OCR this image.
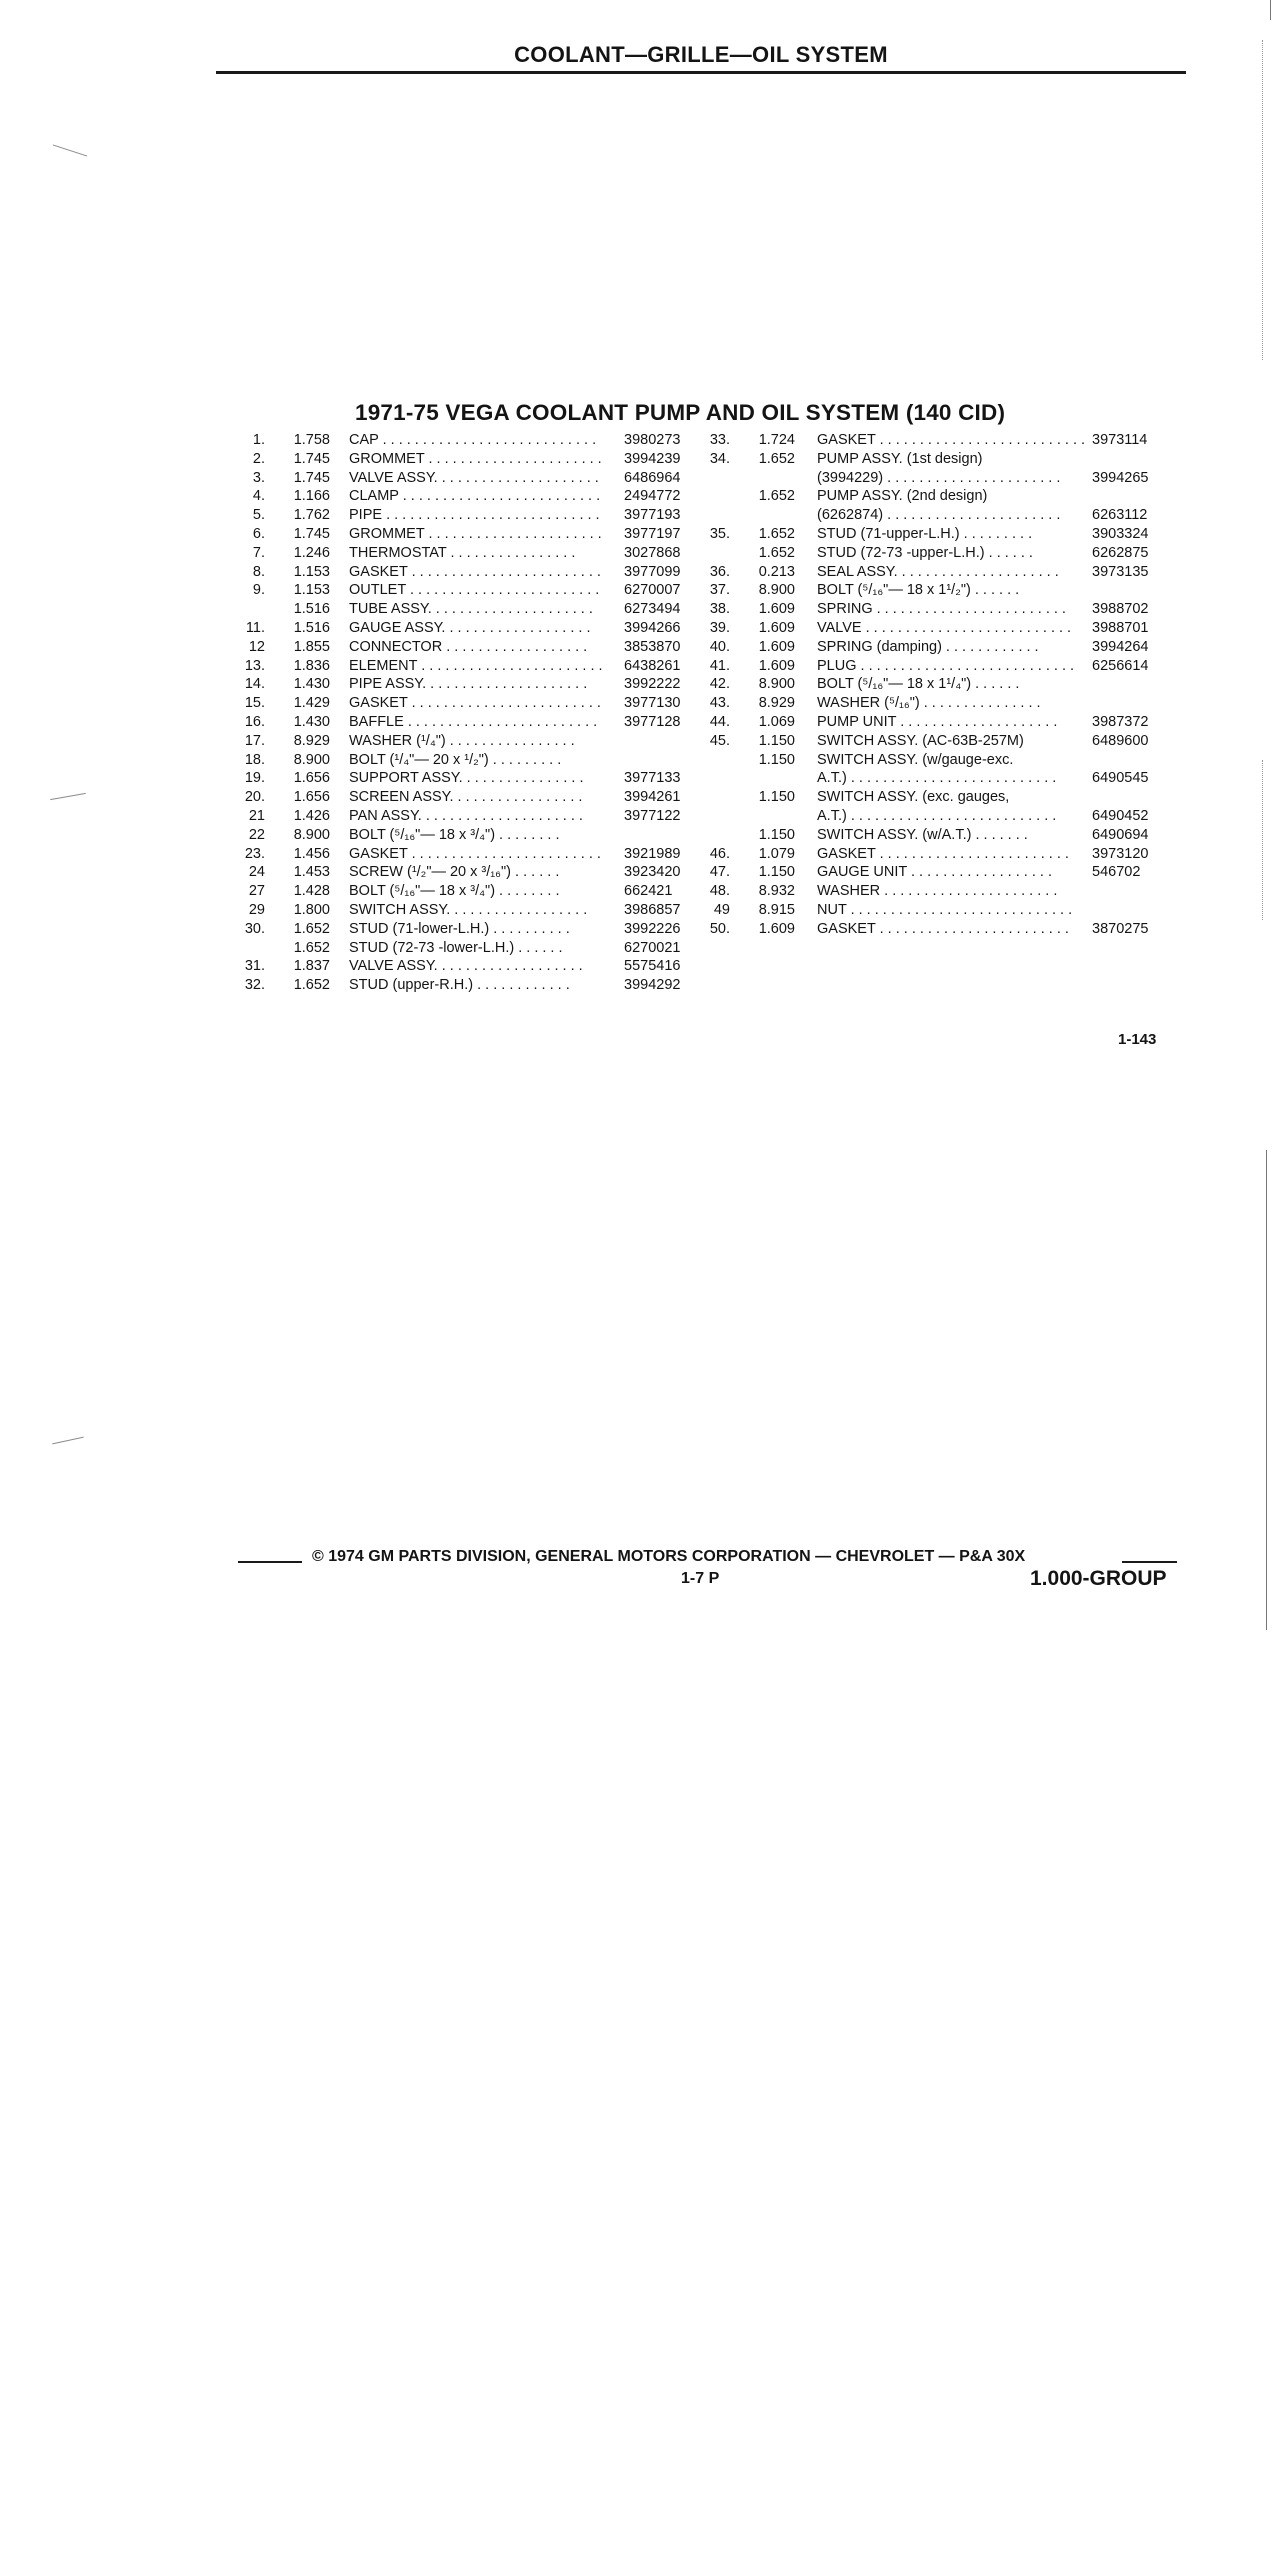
COOLANT—GRILLE—OIL SYSTEM
1971-75 VEGA COOLANT PUMP AND OIL SYSTEM (140 CID)
1.	1.758 CAP . . . . . . . . . . . . . . . . . . . . . . . . . . . 3980273	33.	1.724 GASKET . . . . . . . . . . . . . . . . . . . . . . . . . . 3973114
2.	1.745 GROMMET . . . . . . . . . . . . . . . . . . . . . . 3994239	34.	1.652 PUMP ASSY. (1st design)
3.	1.745 VALVE ASSY. . . . . . . . . . . . . . . . . . . . . 6486964	(3994229) . . . . . . . . . . . . . . . . . . . . . . 3994265
4.	1.166 CLAMP . . . . . . . . . . . . . . . . . . . . . . . . . 2494772	1.652 PUMP ASSY. (2nd design)
5.	1.762 PIPE . . . . . . . . . . . . . . . . . . . . . . . . . . . 3977193	(6262874) . . . . . . . . . . . . . . . . . . . . . . 6263112
6.	1.745 GROMMET . . . . . . . . . . . . . . . . . . . . . . 3977197	35.	1.652 STUD (71-upper-L.H.) . . . . . . . . .	3903324
7.	1.246 THERMOSTAT . . . . . . . . . . . . . . . .	3027868	1.652 STUD (72-73 -upper-L.H.) . . . . . .	6262875
8.	1.153 GASKET . . . . . . . . . . . . . . . . . . . . . . . . 3977099	36.	0.213 SEAL ASSY. . . . . . . . . . . . . . . . . . . . . 3973135
9.	1.153 OUTLET . . . . . . . . . . . . . . . . . . . . . . . . 6270007	37.	8.900 BOLT (⁵/₁₆"— 18 x 1¹/₂") . . . . . .
1.516 TUBE ASSY. . . . . . . . . . . . . . . . . . . . . 6273494	38.	1.609 SPRING . . . . . . . . . . . . . . . . . . . . . . . . 3988702
11.	1.516 GAUGE ASSY. . . . . . . . . . . . . . . . . . . 3994266	39.	1.609 VALVE . . . . . . . . . . . . . . . . . . . . . . . . . . 3988701
12	1.855 CONNECTOR . . . . . . . . . . . . . . . . . .	3853870	40.	1.609 SPRING (damping) . . . . . . . . . . . .	3994264
13.	1.836 ELEMENT . . . . . . . . . . . . . . . . . . . . . . . 6438261	41.	1.609 PLUG . . . . . . . . . . . . . . . . . . . . . . . . . . . 6256614
14.	1.430 PIPE ASSY. . . . . . . . . . . . . . . . . . . . .	3992222	42.	8.900 BOLT (⁵/₁₆"— 18 x 1¹/₄") . . . . . .
15.	1.429 GASKET . . . . . . . . . . . . . . . . . . . . . . . . 3977130	43.	8.929 WASHER (⁵/₁₆") . . . . . . . . . . . . . . .
16.	1.430 BAFFLE . . . . . . . . . . . . . . . . . . . . . . . . 3977128	44.	1.069 PUMP UNIT . . . . . . . . . . . . . . . . . . . . 3987372
17.	8.929 WASHER (¹/₄") . . . . . . . . . . . . . . . .	45.	1.150 SWITCH ASSY. (AC-63B-257M)	6489600
18.	8.900 BOLT (¹/₄"— 20 x ¹/₂") . . . . . . . . .	1.150 SWITCH ASSY. (w/gauge-exc.
19.	1.656 SUPPORT ASSY. . . . . . . . . . . . . . . .	3977133	A.T.) . . . . . . . . . . . . . . . . . . . . . . . . . . 6490545
20.	1.656 SCREEN ASSY. . . . . . . . . . . . . . . . .	3994261	1.150 SWITCH ASSY. (exc. gauges,
21	1.426 PAN ASSY. . . . . . . . . . . . . . . . . . . . .	3977122	A.T.) . . . . . . . . . . . . . . . . . . . . . . . . . . 6490452
22	8.900 BOLT (⁵/₁₆"— 18 x ³/₄") . . . . . . . .	1.150 SWITCH ASSY. (w/A.T.) . . . . . . .	6490694
23.	1.456 GASKET . . . . . . . . . . . . . . . . . . . . . . . . 3921989	46.	1.079 GASKET . . . . . . . . . . . . . . . . . . . . . . . . 3973120
24	1.453 SCREW (¹/₂"— 20 x ³/₁₆") . . . . . .	3923420	47.	1.150 GAUGE UNIT . . . . . . . . . . . . . . . . . .	546702
27	1.428 BOLT (⁵/₁₆"— 18 x ³/₄") . . . . . . . .	662421	48.	8.932 WASHER . . . . . . . . . . . . . . . . . . . . . .
29	1.800 SWITCH ASSY. . . . . . . . . . . . . . . . . .	3986857	49	8.915 NUT . . . . . . . . . . . . . . . . . . . . . . . . . . . .
30.	1.652 STUD (71-lower-L.H.) . . . . . . . . . .	3992226	50.	1.609 GASKET . . . . . . . . . . . . . . . . . . . . . . . . 3870275
1.652 STUD (72-73 -lower-L.H.) . . . . . .	6270021
31.	1.837 VALVE ASSY. . . . . . . . . . . . . . . . . . .	5575416
32.	1.652 STUD (upper-R.H.) . . . . . . . . . . . .	3994292
1-143
© 1974 GM PARTS DIVISION, GENERAL MOTORS CORPORATION — CHEVROLET — P&A 30X
1-7 P	1.000-GROUP
